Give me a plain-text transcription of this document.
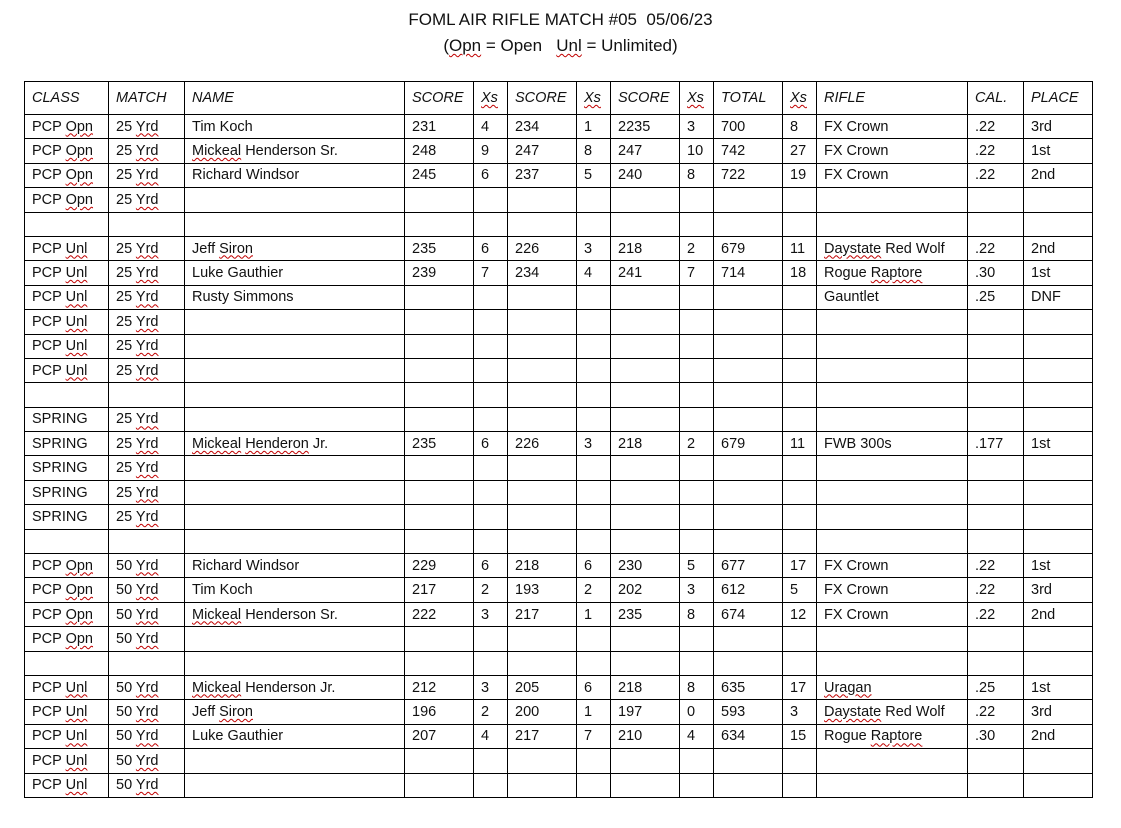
FOML AIR RIFLE MATCH #05  05/06/23
(Opn = Open   Unl = Unlimited)
CLASS	MATCH	NAME	SCORE	Xs	SCORE	Xs	SCORE	Xs	TOTAL	Xs	RIFLE	CAL.	PLACE
PCP Opn	25 Yrd	Tim Koch	231	4	234	1	2235	3	700	8	FX Crown	.22	3rd
PCP Opn	25 Yrd	Mickeal Henderson Sr.	248	9	247	8	247	10	742	27	FX Crown	.22	1st
PCP Opn	25 Yrd	Richard Windsor	245	6	237	5	240	8	722	19	FX Crown	.22	2nd
PCP Opn	25 Yrd												

PCP Unl	25 Yrd	Jeff Siron	235	6	226	3	218	2	679	11	Daystate Red Wolf	.22	2nd
PCP Unl	25 Yrd	Luke Gauthier	239	7	234	4	241	7	714	18	Rogue Raptore	.30	1st
PCP Unl	25 Yrd	Rusty Simmons									Gauntlet	.25	DNF
PCP Unl	25 Yrd												
PCP Unl	25 Yrd												
PCP Unl	25 Yrd												

SPRING	25 Yrd												
SPRING	25 Yrd	Mickeal Henderon Jr.	235	6	226	3	218	2	679	11	FWB 300s	.177	1st
SPRING	25 Yrd												
SPRING	25 Yrd												
SPRING	25 Yrd												

PCP Opn	50 Yrd	Richard Windsor	229	6	218	6	230	5	677	17	FX Crown	.22	1st
PCP Opn	50 Yrd	Tim Koch	217	2	193	2	202	3	612	5	FX Crown	.22	3rd
PCP Opn	50 Yrd	Mickeal Henderson Sr.	222	3	217	1	235	8	674	12	FX Crown	.22	2nd
PCP Opn	50 Yrd												

PCP Unl	50 Yrd	Mickeal Henderson Jr.	212	3	205	6	218	8	635	17	Uragan	.25	1st
PCP Unl	50 Yrd	Jeff Siron	196	2	200	1	197	0	593	3	Daystate Red Wolf	.22	3rd
PCP Unl	50 Yrd	Luke Gauthier	207	4	217	7	210	4	634	15	Rogue Raptore	.30	2nd
PCP Unl	50 Yrd												
PCP Unl	50 Yrd												
